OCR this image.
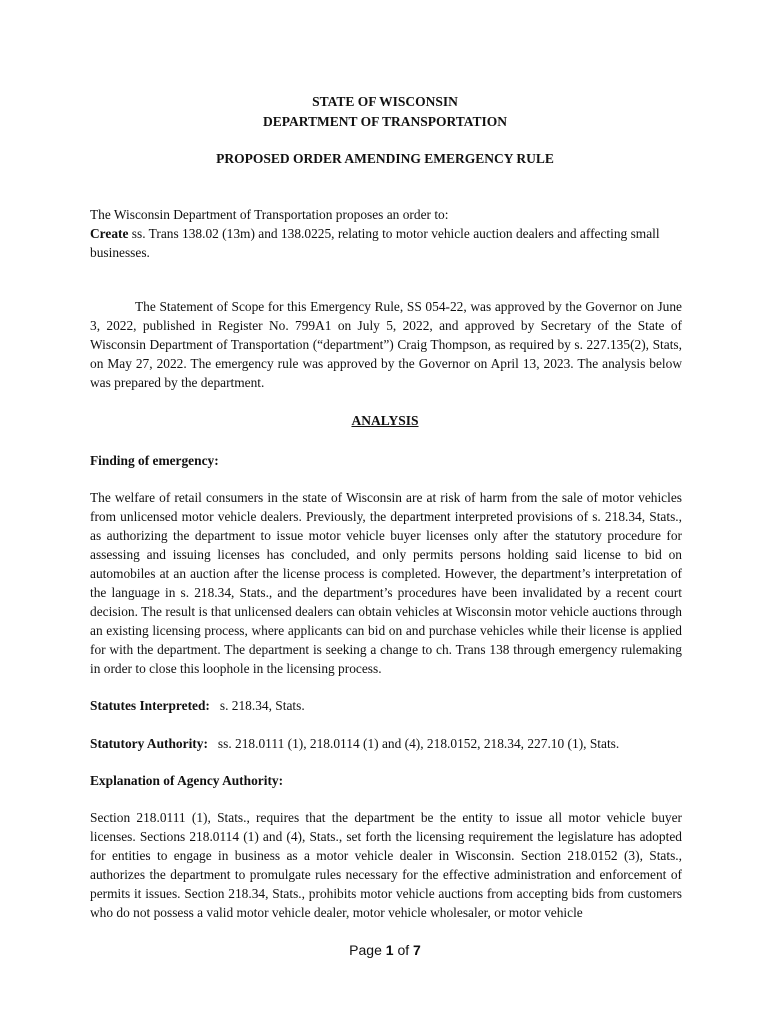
STATE OF WISCONSIN
DEPARTMENT OF TRANSPORTATION
PROPOSED ORDER AMENDING EMERGENCY RULE
The Wisconsin Department of Transportation proposes an order to:
Create ss. Trans 138.02 (13m) and 138.0225, relating to motor vehicle auction dealers and affecting small businesses.
The Statement of Scope for this Emergency Rule, SS 054-22, was approved by the Governor on June 3, 2022, published in Register No. 799A1 on July 5, 2022, and approved by Secretary of the State of Wisconsin Department of Transportation (“department”) Craig Thompson, as required by s. 227.135(2), Stats, on May 27, 2022. The emergency rule was approved by the Governor on April 13, 2023. The analysis below was prepared by the department.
ANALYSIS
Finding of emergency:
The welfare of retail consumers in the state of Wisconsin are at risk of harm from the sale of motor vehicles from unlicensed motor vehicle dealers. Previously, the department interpreted provisions of s. 218.34, Stats., as authorizing the department to issue motor vehicle buyer licenses only after the statutory procedure for assessing and issuing licenses has concluded, and only permits persons holding said license to bid on automobiles at an auction after the license process is completed. However, the department’s interpretation of the language in s. 218.34, Stats., and the department’s procedures have been invalidated by a recent court decision. The result is that unlicensed dealers can obtain vehicles at Wisconsin motor vehicle auctions through an existing licensing process, where applicants can bid on and purchase vehicles while their license is applied for with the department. The department is seeking a change to ch. Trans 138 through emergency rulemaking in order to close this loophole in the licensing process.
Statutes Interpreted: s. 218.34, Stats.
Statutory Authority: ss. 218.0111 (1), 218.0114 (1) and (4), 218.0152, 218.34, 227.10 (1), Stats.
Explanation of Agency Authority:
Section 218.0111 (1), Stats., requires that the department be the entity to issue all motor vehicle buyer licenses. Sections 218.0114 (1) and (4), Stats., set forth the licensing requirement the legislature has adopted for entities to engage in business as a motor vehicle dealer in Wisconsin. Section 218.0152 (3), Stats., authorizes the department to promulgate rules necessary for the effective administration and enforcement of permits it issues. Section 218.34, Stats., prohibits motor vehicle auctions from accepting bids from customers who do not possess a valid motor vehicle dealer, motor vehicle wholesaler, or motor vehicle
Page 1 of 7
